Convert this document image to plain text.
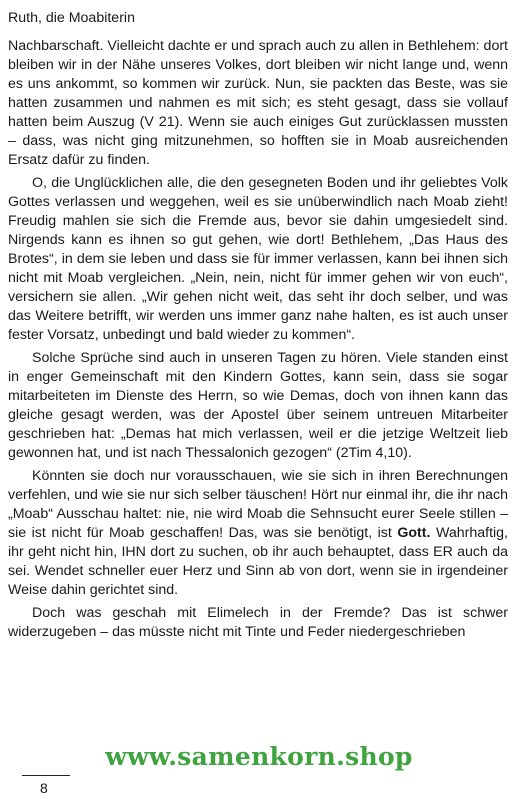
Ruth, die Moabiterin

Nachbarschaft. Vielleicht dachte er und sprach auch zu allen in Bethlehem: dort bleiben wir in der Nähe unseres Volkes, dort bleiben wir nicht lange und, wenn es uns ankommt, so kommen wir zurück. Nun, sie packten das Beste, was sie hatten zusammen und nahmen es mit sich; es steht gesagt, dass sie vollauf hatten beim Auszug (V 21). Wenn sie auch einiges Gut zurücklassen mussten – dass, was nicht ging mitzunehmen, so hofften sie in Moab ausreichenden Ersatz dafür zu finden.

O, die Unglücklichen alle, die den gesegneten Boden und ihr geliebtes Volk Gottes verlassen und weggehen, weil es sie unüberwindlich nach Moab zieht! Freudig mahlen sie sich die Fremde aus, bevor sie dahin umgesiedelt sind. Nirgends kann es ihnen so gut gehen, wie dort! Bethlehem, „Das Haus des Brotes“, in dem sie leben und dass sie für immer verlassen, kann bei ihnen sich nicht mit Moab vergleichen. „Nein, nein, nicht für immer gehen wir von euch“, versichern sie allen. „Wir gehen nicht weit, das seht ihr doch selber, und was das Weitere betrifft, wir werden uns immer ganz nahe halten, es ist auch unser fester Vorsatz, unbedingt und bald wieder zu kommen“.

Solche Sprüche sind auch in unseren Tagen zu hören. Viele standen einst in enger Gemeinschaft mit den Kindern Gottes, kann sein, dass sie sogar mitarbeiteten im Dienste des Herrn, so wie Demas, doch von ihnen kann das gleiche gesagt werden, was der Apostel über seinem untreuen Mitarbeiter geschrieben hat: „Demas hat mich verlassen, weil er die jetzige Weltzeit lieb gewonnen hat, und ist nach Thessalonich gezogen“ (2Tim 4,10).

Könnten sie doch nur vorausschauen, wie sie sich in ihren Berechnungen verfehlen, und wie sie nur sich selber täuschen! Hört nur einmal ihr, die ihr nach „Moab“ Ausschau haltet: nie, nie wird Moab die Sehnsucht eurer Seele stillen – sie ist nicht für Moab geschaffen! Das, was sie benötigt, ist Gott. Wahrhaftig, ihr geht nicht hin, IHN dort zu suchen, ob ihr auch behauptet, dass ER auch da sei. Wendet schneller euer Herz und Sinn ab von dort, wenn sie in irgendeiner Weise dahin gerichtet sind.

Doch was geschah mit Elimelech in der Fremde? Das ist schwer widerzugeben – das müsste nicht mit Tinte und Feder niedergeschrieben

www.samenkorn.shop
8
